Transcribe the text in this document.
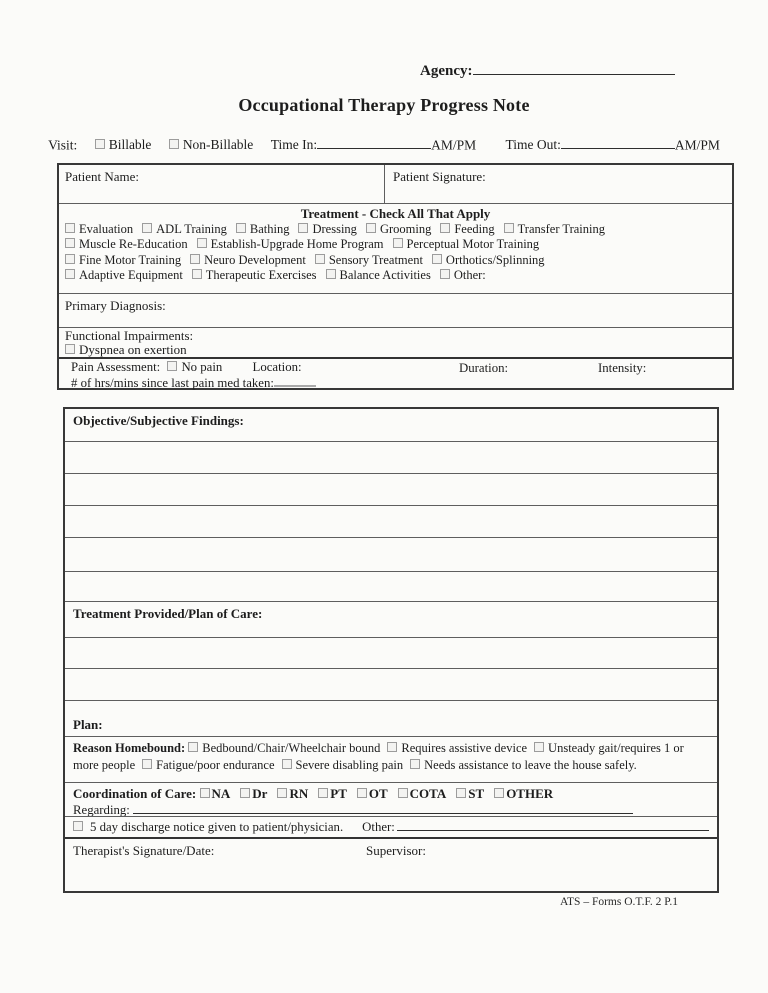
Agency:
Occupational Therapy Progress Note
Visit: Billable Non-Billable Time In:	AM/PM Time Out:	AM/PM
Patient Name:	Patient Signature:
Treatment - Check All That Apply
Evaluation ADL Training Bathing Dressing Grooming Feeding Transfer Training
Muscle Re-Education Establish-Upgrade Home Program Perceptual Motor Training
Fine Motor Training Neuro Development Sensory Treatment Orthotics/Splinning
Adaptive Equipment Therapeutic Exercises Balance Activities Other:
Primary Diagnosis:
Functional Impairments:
Dyspnea on exertion
Pain Assessment: No pain Location:	Duration:	Intensity:
# of hrs/mins since last pain med taken:
Objective/Subjective Findings:
Treatment Provided/Plan of Care:
Plan:
Reason Homebound: Bedbound/Chair/Wheelchair bound Requires assistive device Unsteady gait/requires 1 or more people Fatigue/poor endurance Severe disabling pain Needs assistance to leave the house safely.
Coordination of Care: NA Dr RN PT OT COTA ST OTHER
Regarding:
5 day discharge notice given to patient/physician. Other:
Therapist's Signature/Date:	Supervisor:
ATS – Forms O.T.F. 2 P.1
